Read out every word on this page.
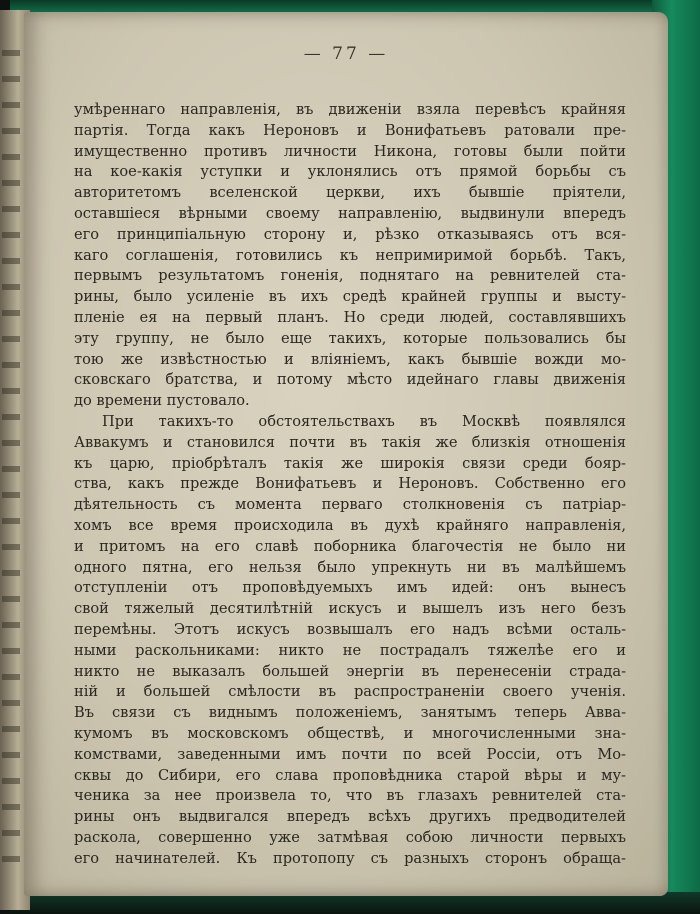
— 77 —
умѣреннаго направленія, въ движеніи взяла перевѣсъ крайняя
партія. Тогда какъ Нероновъ и Вонифатьевъ ратовали пре-
имущественно противъ личности Никона, готовы были пойти
на кое-какія уступки и уклонялись отъ прямой борьбы съ
авторитетомъ вселенской церкви, ихъ бывшіе пріятели,
оставшіеся вѣрными своему направленію, выдвинули впередъ
его принципіальную сторону и, рѣзко отказываясь отъ вся-
каго соглашенія, готовились къ непримиримой борьбѣ. Такъ,
первымъ результатомъ гоненія, поднятаго на ревнителей ста-
рины, было усиленіе въ ихъ средѣ крайней группы и высту-
пленіе ея на первый планъ. Но среди людей, составлявшихъ
эту группу, не было еще такихъ, которые пользовались бы
тою же извѣстностью и вліяніемъ, какъ бывшіе вожди мо-
сковскаго братства, и потому мѣсто идейнаго главы движенія
до времени пустовало.
При такихъ-то обстоятельствахъ въ Москвѣ появлялся
Аввакумъ и становился почти въ такія же близкія отношенія
къ царю, пріобрѣталъ такія же широкія связи среди бояр-
ства, какъ прежде Вонифатьевъ и Нероновъ. Собственно его
дѣятельность съ момента перваго столкновенія съ патріар-
хомъ все время происходила въ духѣ крайняго направленія,
и притомъ на его славѣ поборника благочестія не было ни
одного пятна, его нельзя было упрекнуть ни въ малѣйшемъ
отступленіи отъ проповѣдуемыхъ имъ идей: онъ вынесъ
свой тяжелый десятилѣтній искусъ и вышелъ изъ него безъ
перемѣны. Этотъ искусъ возвышалъ его надъ всѣми осталь-
ными раскольниками: никто не пострадалъ тяжелѣе его и
никто не выказалъ большей энергіи въ перенесеніи страда-
ній и большей смѣлости въ распространеніи своего ученія.
Въ связи съ виднымъ положеніемъ, занятымъ теперь Авва-
кумомъ въ московскомъ обществѣ, и многочисленными зна-
комствами, заведенными имъ почти по всей Россіи, отъ Мо-
сквы до Сибири, его слава проповѣдника старой вѣры и му-
ченика за нее произвела то, что въ глазахъ ревнителей ста-
рины онъ выдвигался впередъ всѣхъ другихъ предводителей
раскола, совершенно уже затмѣвая собою личности первыхъ
его начинателей. Къ протопопу съ разныхъ сторонъ обраща-
